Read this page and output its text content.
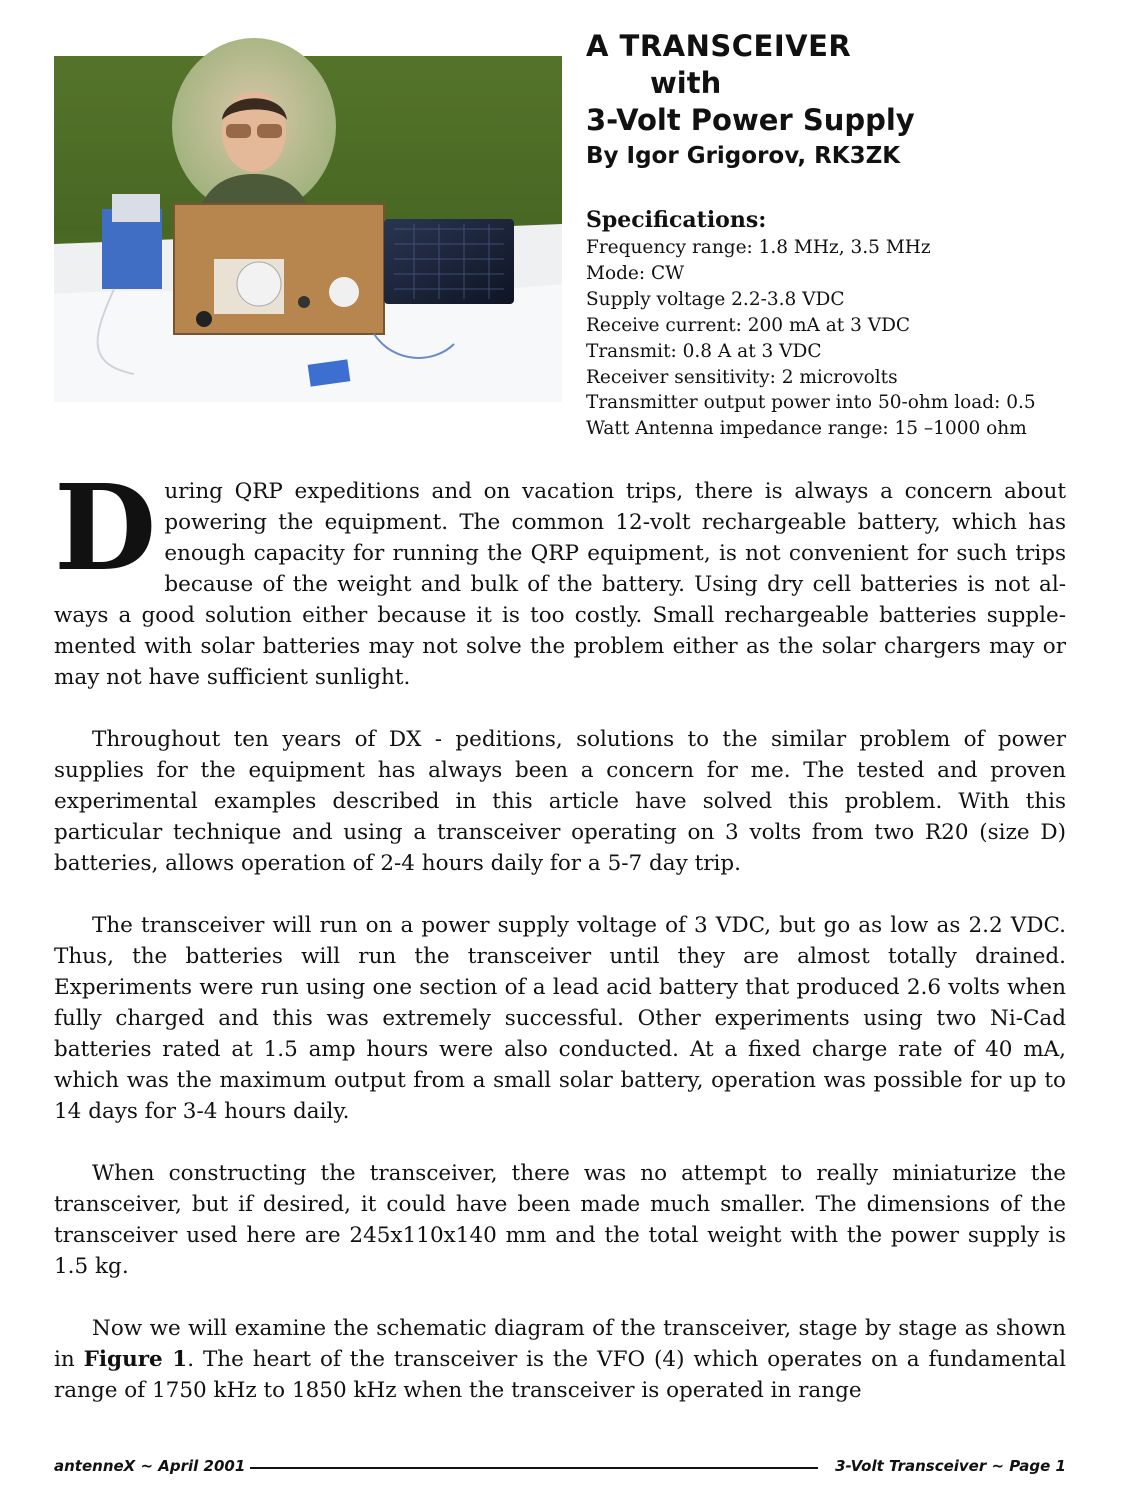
A TRANSCEIVER
with
3-Volt Power Supply
By Igor Grigorov, RK3ZK
Specifications:
Frequency range: 1.8 MHz, 3.5 MHz
Mode: CW
Supply voltage 2.2-3.8 VDC
Receive current: 200 mA at 3 VDC
Transmit: 0.8 A at 3 VDC
Receiver sensitivity: 2 microvolts
Transmitter output power into 50-ohm load: 0.5
Watt Antenna impedance range: 15 –1000 ohm

During QRP expeditions and on vacation trips, there is always a concern about powering the equipment. The common 12-volt rechargeable battery, which has enough capacity for running the QRP equipment, is not convenient for such trips because of the weight and bulk of the battery. Using dry cell batteries is not always a good solution either because it is too costly. Small rechargeable batteries supplemented with solar batteries may not solve the problem either as the solar chargers may or may not have sufficient sunlight.

Throughout ten years of DX - peditions, solutions to the similar problem of power supplies for the equipment has always been a concern for me. The tested and proven experimental examples described in this article have solved this problem. With this particular technique and using a transceiver operating on 3 volts from two R20 (size D) batteries, allows operation of 2-4 hours daily for a 5-7 day trip.

The transceiver will run on a power supply voltage of 3 VDC, but go as low as 2.2 VDC. Thus, the batteries will run the transceiver until they are almost totally drained. Experiments were run using one section of a lead acid battery that produced 2.6 volts when fully charged and this was extremely successful. Other experiments using two Ni-Cad batteries rated at 1.5 amp hours were also conducted. At a fixed charge rate of 40 mA, which was the maximum output from a small solar battery, operation was possible for up to 14 days for 3-4 hours daily.

When constructing the transceiver, there was no attempt to really miniaturize the transceiver, but if desired, it could have been made much smaller. The dimensions of the transceiver used here are 245x110x140 mm and the total weight with the power supply is 1.5 kg.

Now we will examine the schematic diagram of the transceiver, stage by stage as shown in Figure 1. The heart of the transceiver is the VFO (4) which operates on a fundamental range of 1750 kHz to 1850 kHz when the transceiver is operated in range

antenneX ~ April 2001	3-Volt Transceiver ~ Page 1
